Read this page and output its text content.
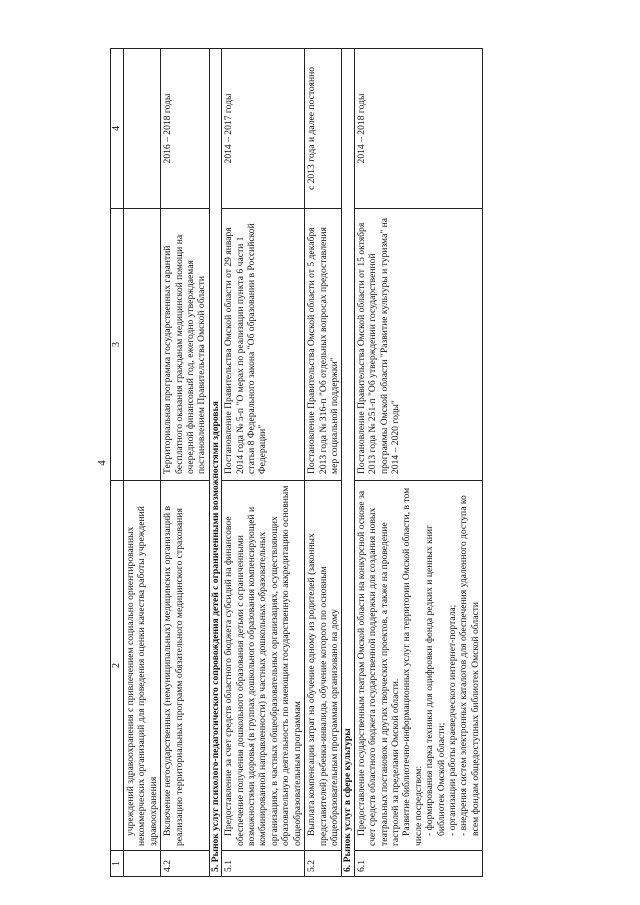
4
1	2	3	4

	учреждений здравоохранения с привлечением социально ориентированных некоммерческих организаций для проведения оценки качества работы учреждений здравоохранения		

4.2	Включение негосударственных (немуниципальных) медицинских организаций в реализацию территориальных программ обязательного медицинского страхования	Территориальная программа государственных гарантий бесплатного оказания гражданам медицинской помощи на очередной финансовый год, ежегодно утверждаемая постановлением Правительства Омской области	2016 – 2018 годы
5. Рынок услуг психолого-педагогического сопровождения детей с ограниченными возможностями здоровья			
5.1	Предоставление за счет средств областного бюджета субсидий на финансовое обеспечение получения дошкольного образования детьми с ограниченными возможностями здоровья (в группах дошкольного образования компенсирующей и комбинированной направленности) в частных дошкольных образовательных организациях, в частных общеобразовательных организациях, осуществляющих образовательную деятельность по имеющим государственную аккредитацию основным общеобразовательным программам	Постановление Правительства Омской области от 29 января 2014 года № 5-п "О мерах по реализации пункта 6 части 1 статьи 8 Федерального закона "Об образовании в Российской Федерации"	2014 – 2017 годы
5.2	Выплата компенсации затрат на обучение одному из родителей (законных представителей) ребенка-инвалида, обучение которого по основным общеобразовательным программам организовано на дому	Постановление Правительства Омской области от 5 декабря 2013 года № 316-п "Об отдельных вопросах предоставления мер социальной поддержки"	с 2013 года и далее постоянно
6. Рынок услуг в сфере культуры			
6.1	Предоставление государственным театрам Омской области на конкурсной основе за счет средств областного бюджета государственной поддержки для создания новых театральных постановок и других творческих проектов, а также на проведение гастролей за пределами Омской области. Развитие библиотечно-информационных услуг на территории Омской области, в том числе посредством: - формирования парка техники для оцифровки фонда редких и ценных книг библиотек Омской области; - организации работы краеведческого интернет-портала; - внедрения систем электронных каталогов для обеспечения удаленного доступа ко всем фондам общедоступных библиотек Омской области	Постановление Правительства Омской области от 15 октября 2013 года № 251-п "Об утверждении государственной программы Омской области "Развитие культуры и туризма" на 2014 – 2020 годы"	2014 – 2018 годы
